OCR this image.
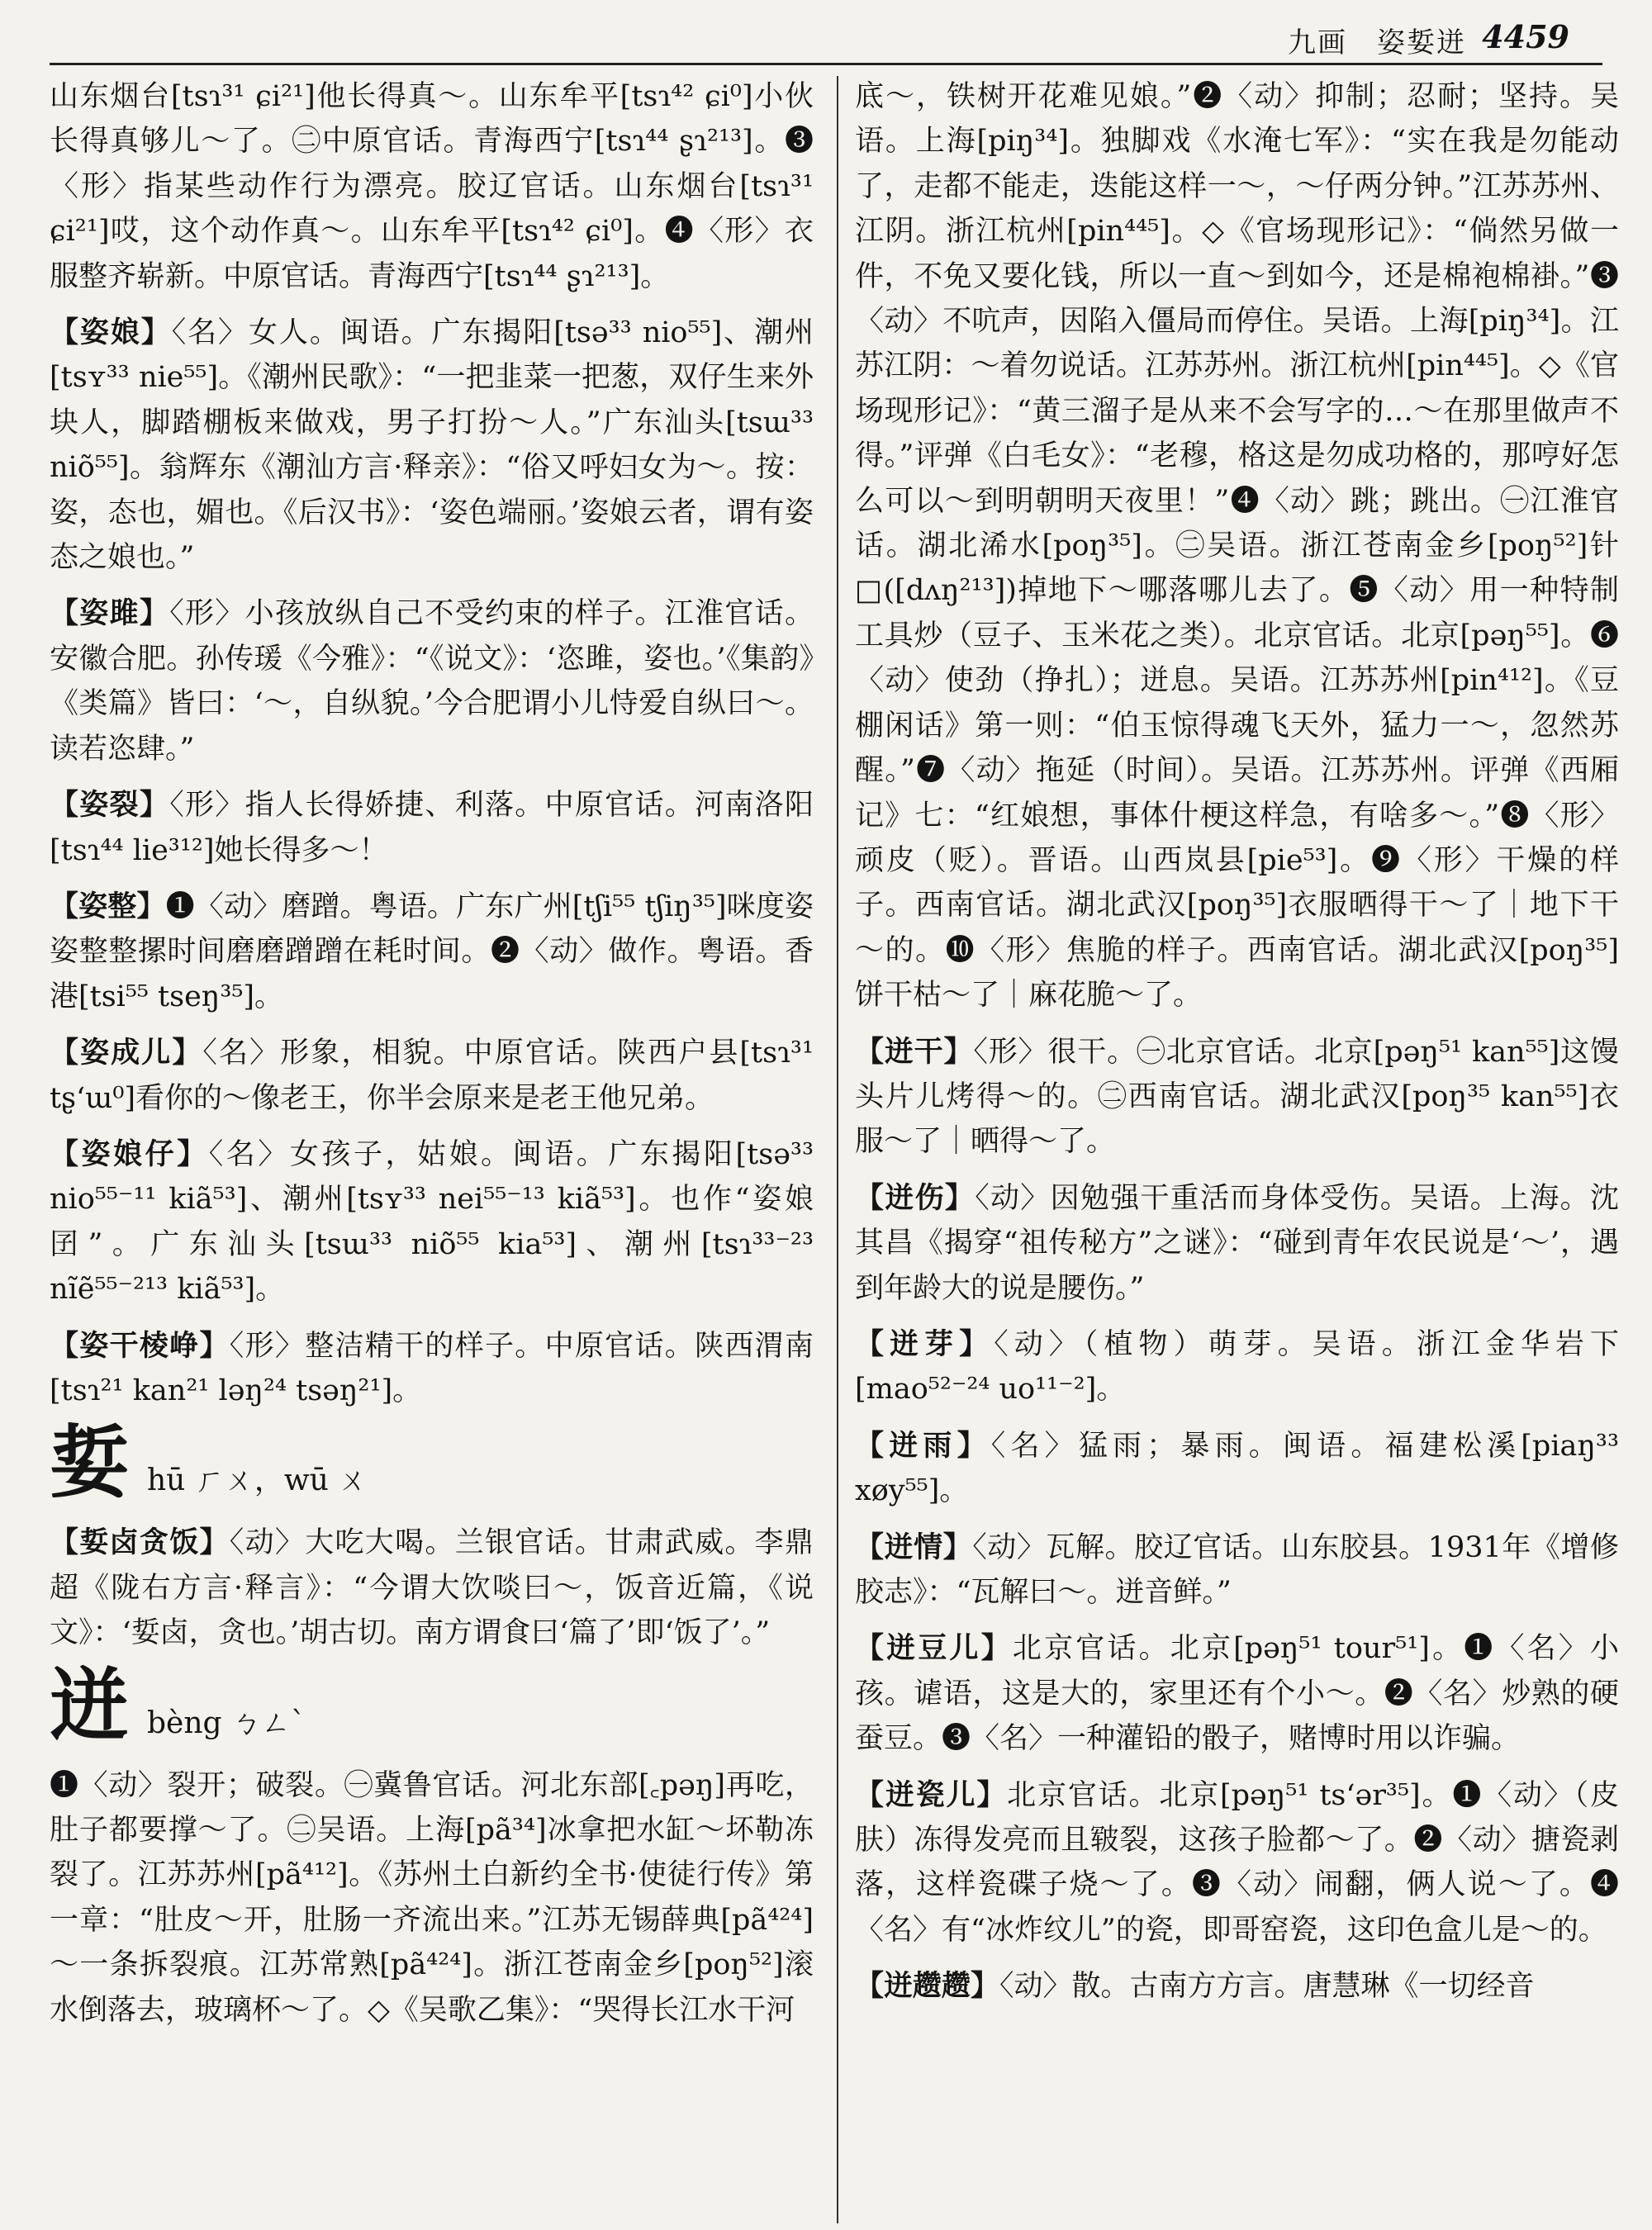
九画　姿娎迸 4459

山东烟台[tsɿ³¹ ɕi²¹]他长得真～。山东牟平[tsɿ⁴² ɕi⁰]小伙长得真够儿～了。㊁中原官话。青海西宁[tsɿ⁴⁴ ʂɿ²¹³]。❸〈形〉指某些动作行为漂亮。胶辽官话。山东烟台[tsɿ³¹ ɕi²¹]哎，这个动作真～。山东牟平[tsɿ⁴² ɕi⁰]。❹〈形〉衣服整齐崭新。中原官话。青海西宁[tsɿ⁴⁴ ʂɿ²¹³]。

【姿娘】〈名〉女人。闽语。广东揭阳[tsə³³ nio⁵⁵]、潮州[tsʏ³³ nie⁵⁵]。《潮州民歌》：“一把韭菜一把葱，双仔生来外块人，脚踏棚板来做戏，男子打扮～人。”广东汕头[tsɯ³³ niõ⁵⁵]。翁辉东《潮汕方言·释亲》：“俗又呼妇女为～。按：姿，态也，媚也。《后汉书》：‘姿色端丽。’姿娘云者，谓有姿态之娘也。”

【姿雎】〈形〉小孩放纵自己不受约束的样子。江淮官话。安徽合肥。孙传瑗《今雅》：“《说文》：‘恣雎，姿也。’《集韵》《类篇》皆曰：‘～，自纵貌。’今合肥谓小儿恃爱自纵曰～。读若恣肆。”

【姿裂】〈形〉指人长得娇捷、利落。中原官话。河南洛阳[tsɿ⁴⁴ lie³¹²]她长得多～！

【姿整】❶〈动〉磨蹭。粤语。广东广州[tʃi⁵⁵ tʃiŋ³⁵]咪度姿姿整整摞时间磨磨蹭蹭在耗时间。❷〈动〉做作。粤语。香港[tsi⁵⁵ tseŋ³⁵]。

【姿成儿】〈名〉形象，相貌。中原官话。陕西户县[tsɿ³¹ tʂʻɯ⁰]看你的～像老王，你半会原来是老王他兄弟。

【姿娘仔】〈名〉女孩子，姑娘。闽语。广东揭阳[tsə³³ nio⁵⁵⁻¹¹ kiã⁵³]、潮州[tsʏ³³ nei⁵⁵⁻¹³ kiã⁵³]。也作“姿娘囝”。广东汕头[tsɯ³³ niõ⁵⁵ kia⁵³]、潮州[tsɿ³³⁻²³ nĩẽ⁵⁵⁻²¹³ kiã⁵³]。

【姿干棱峥】〈形〉整洁精干的样子。中原官话。陕西渭南[tsɿ²¹ kan²¹ ləŋ²⁴ tsəŋ²¹]。

娎 hū ㄏㄨ，wū ㄨ

【娎卤贪饭】〈动〉大吃大喝。兰银官话。甘肃武威。李鼎超《陇右方言·释言》：“今谓大饮啖曰～，饭音近篇，《说文》：‘娎卤，贪也。’胡古切。南方谓食曰‘篇了’即‘饭了’。”

迸 bèng ㄅㄥˋ

❶〈动〉裂开；破裂。㊀冀鲁官话。河北东部[꜀pəŋ]再吃，肚子都要撑～了。㊁吴语。上海[pã³⁴]冰拿把水缸～坏勒冻裂了。江苏苏州[pã⁴¹²]。《苏州土白新约全书·使徒行传》第一章：“肚皮～开，肚肠一齐流出来。”江苏无锡薛典[pã⁴²⁴]～一条拆裂痕。江苏常熟[pã⁴²⁴]。浙江苍南金乡[poŋ⁵²]滚水倒落去，玻璃杯～了。◇《吴歌乙集》：“哭得长江水干河

底～，铁树开花难见娘。”❷〈动〉抑制；忍耐；坚持。吴语。上海[piŋ³⁴]。独脚戏《水淹七军》：“实在我是勿能动了，走都不能走，迭能这样一～，～仔两分钟。”江苏苏州、江阴。浙江杭州[pin⁴⁴⁵]。◇《官场现形记》：“倘然另做一件，不免又要化钱，所以一直～到如今，还是棉袍棉褂。”❸〈动〉不吭声，因陷入僵局而停住。吴语。上海[piŋ³⁴]。江苏江阴：～着勿说话。江苏苏州。浙江杭州[pin⁴⁴⁵]。◇《官场现形记》：“黄三溜子是从来不会写字的…～在那里做声不得。”评弹《白毛女》：“老穆，格这是勿成功格的，那哼好怎么可以～到明朝明天夜里！”❹〈动〉跳；跳出。㊀江淮官话。湖北浠水[poŋ³⁵]。㊁吴语。浙江苍南金乡[poŋ⁵²]针□([dʌŋ²¹³])掉地下～哪落哪儿去了。❺〈动〉用一种特制工具炒（豆子、玉米花之类）。北京官话。北京[pəŋ⁵⁵]。❻〈动〉使劲（挣扎）；迸息。吴语。江苏苏州[pin⁴¹²]。《豆棚闲话》第一则：“伯玉惊得魂飞天外，猛力一～，忽然苏醒。”❼〈动〉拖延（时间）。吴语。江苏苏州。评弹《西厢记》七：“红娘想，事体什梗这样急，有啥多～。”❽〈形〉顽皮（贬）。晋语。山西岚县[pie⁵³]。❾〈形〉干燥的样子。西南官话。湖北武汉[poŋ³⁵]衣服晒得干～了｜地下干～的。❿〈形〉焦脆的样子。西南官话。湖北武汉[poŋ³⁵]饼干枯～了｜麻花脆～了。

【迸干】〈形〉很干。㊀北京官话。北京[pəŋ⁵¹ kan⁵⁵]这馒头片儿烤得～的。㊁西南官话。湖北武汉[poŋ³⁵ kan⁵⁵]衣服～了｜晒得～了。

【迸伤】〈动〉因勉强干重活而身体受伤。吴语。上海。沈其昌《揭穿“祖传秘方”之谜》：“碰到青年农民说是‘～’，遇到年龄大的说是腰伤。”

【迸芽】〈动〉（植物）萌芽。吴语。浙江金华岩下[mao⁵²⁻²⁴ uo¹¹⁻²]。

【迸雨】〈名〉猛雨；暴雨。闽语。福建松溪[piaŋ³³ xøy⁵⁵]。

【迸情】〈动〉瓦解。胶辽官话。山东胶县。1931年《增修胶志》：“瓦解曰～。迸音鲜。”

【迸豆儿】北京官话。北京[pəŋ⁵¹ tour⁵¹]。❶〈名〉小孩。谑语，这是大的，家里还有个小～。❷〈名〉炒熟的硬蚕豆。❸〈名〉一种灌铅的骰子，赌博时用以诈骗。

【迸瓷儿】北京官话。北京[pəŋ⁵¹ tsʻər³⁵]。❶〈动〉（皮肤）冻得发亮而且皲裂，这孩子脸都～了。❷〈动〉搪瓷剥落，这样瓷碟子烧～了。❸〈动〉闹翻，俩人说～了。❹〈名〉有“冰炸纹儿”的瓷，即哥窑瓷，这印色盒儿是～的。

【迸趱趱】〈动〉散。古南方方言。唐慧琳《一切经音
